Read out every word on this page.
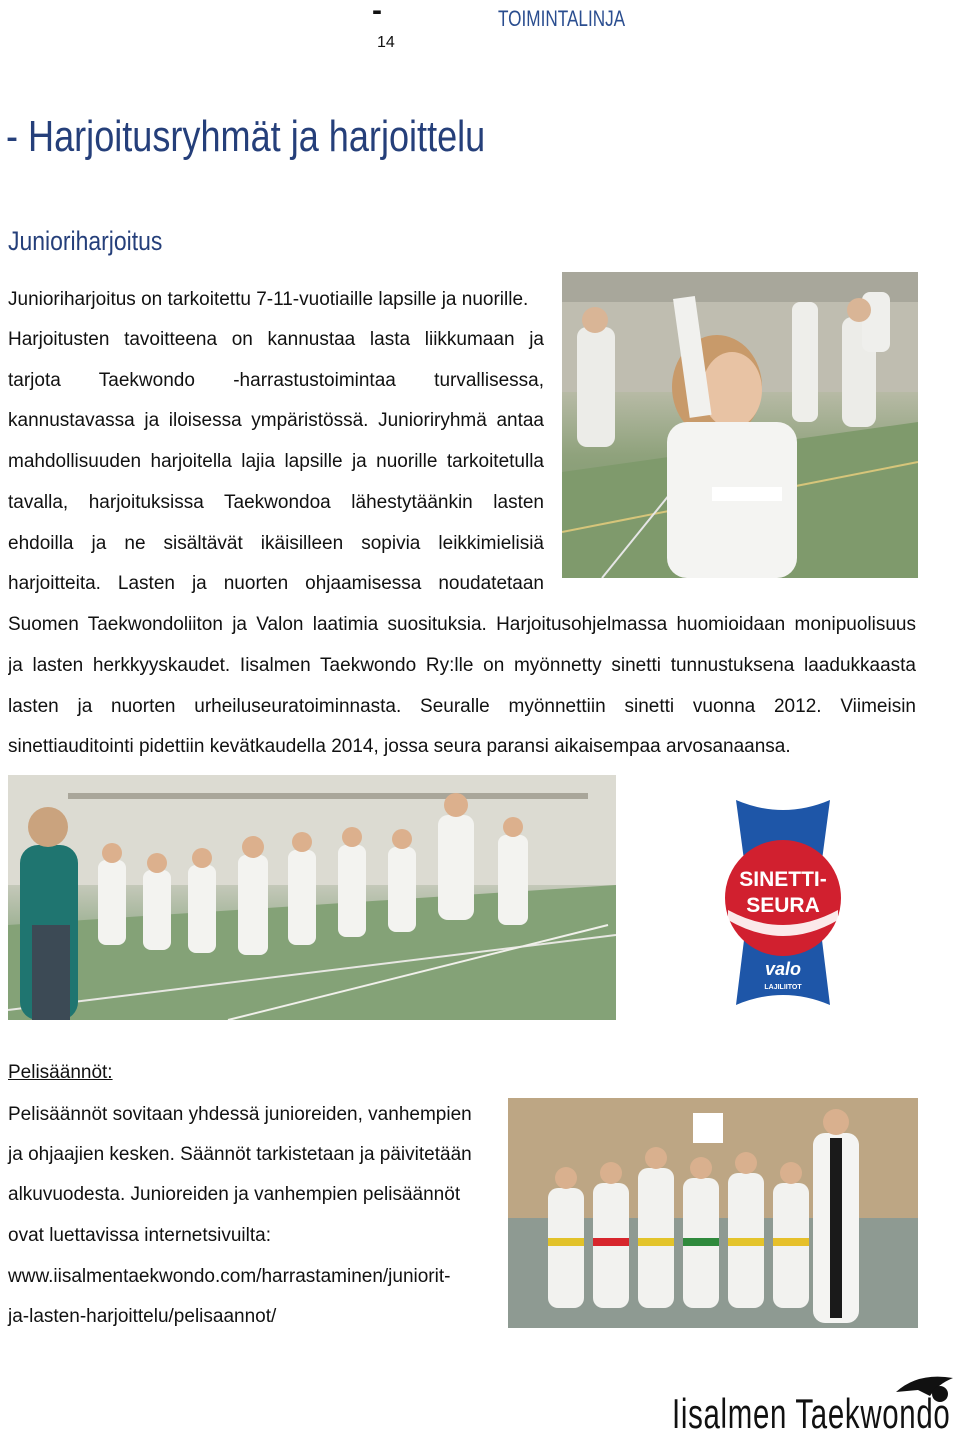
-
14
TOIMINTALINJA
- Harjoitusryhmät ja harjoittelu
Junioriharjoitus
Junioriharjoitus on tarkoitettu 7-11-vuotiaille lapsille ja nuorille.
Harjoitusten tavoitteena on kannustaa lasta liikkumaan ja
tarjota Taekwondo -harrastustoimintaa turvallisessa,
kannustavassa ja iloisessa ympäristössä. Junioriryhmä antaa
mahdollisuuden harjoitella lajia lapsille ja nuorille tarkoitetulla
tavalla, harjoituksissa Taekwondoa lähestytäänkin lasten
ehdoilla ja ne sisältävät ikäisilleen sopivia leikkimielisiä
harjoitteita. Lasten ja nuorten ohjaamisessa noudatetaan
Suomen Taekwondoliiton ja Valon laatimia suosituksia. Harjoitusohjelmassa huomioidaan monipuolisuus
ja lasten herkkyyskaudet. Iisalmen Taekwondo Ry:lle on myönnetty sinetti tunnustuksena laadukkaasta
lasten ja nuorten urheiluseuratoiminnasta. Seuralle myönnettiin sinetti vuonna 2012. Viimeisin
sinettiauditointi pidettiin kevätkaudella 2014, jossa seura paransi aikaisempaa arvosanaansa.
SINETTI-
SEURA
valo
LAJILIITOT
Pelisäännöt:
Pelisäännöt sovitaan yhdessä junioreiden, vanhempien
ja ohjaajien kesken. Säännöt tarkistetaan ja päivitetään
alkuvuodesta. Junioreiden ja vanhempien pelisäännöt
ovat luettavissa internetsivuilta:
www.iisalmentaekwondo.com/harrastaminen/juniorit-
ja-lasten-harjoittelu/pelisaannot/
Iisalmen Taekwondo
